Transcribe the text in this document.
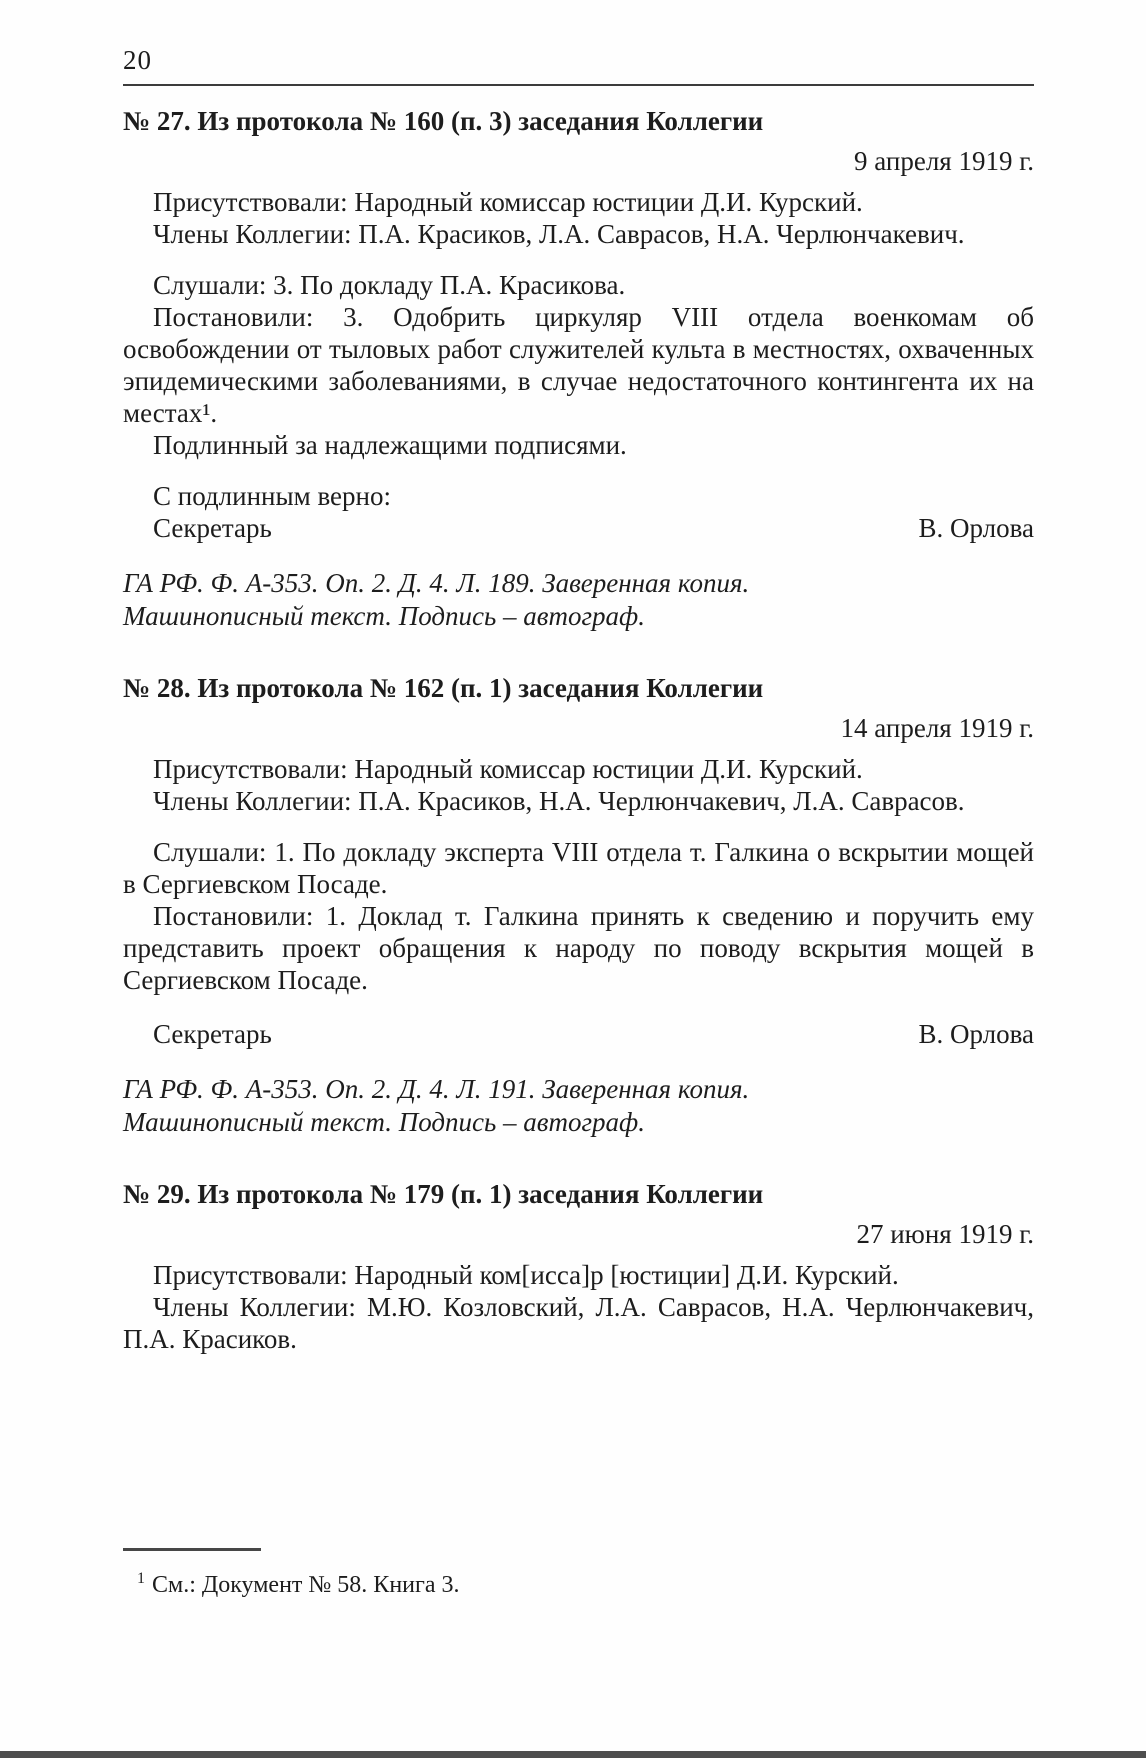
20
№ 27. Из протокола № 160 (п. 3) заседания Коллегии
9 апреля 1919 г.

Присутствовали: Народный комиссар юстиции Д.И. Курский.

Члены Коллегии: П.А. Красиков, Л.А. Саврасов, Н.А. Черлюнчакевич.

Слушали: 3. По докладу П.А. Красикова.

Постановили: 3. Одобрить циркуляр VIII отдела военкомам об освобождении от тыловых работ служителей культа в местностях, охваченных эпидемическими заболеваниями, в случае недостаточного контингента их на местах¹.

Подлинный за надлежащими подписями.

С подлинным верно:

Секретарь	В. Орлова
ГА РФ. Ф. А-353. Оп. 2. Д. 4. Л. 189. Заверенная копия.
Машинописный текст. Подпись – автограф.
№ 28. Из протокола № 162 (п. 1) заседания Коллегии
14 апреля 1919 г.

Присутствовали: Народный комиссар юстиции Д.И. Курский.

Члены Коллегии: П.А. Красиков, Н.А. Черлюнчакевич, Л.А. Саврасов.

Слушали: 1. По докладу эксперта VIII отдела т. Галкина о вскрытии мощей в Сергиевском Посаде.

Постановили: 1. Доклад т. Галкина принять к сведению и поручить ему представить проект обращения к народу по поводу вскрытия мощей в Сергиевском Посаде.

Секретарь	В. Орлова
ГА РФ. Ф. А-353. Оп. 2. Д. 4. Л. 191. Заверенная копия.
Машинописный текст. Подпись – автограф.
№ 29. Из протокола № 179 (п. 1) заседания Коллегии
27 июня 1919 г.

Присутствовали: Народный ком[исса]р [юстиции] Д.И. Курский.

Члены Коллегии: М.Ю. Козловский, Л.А. Саврасов, Н.А. Черлюнчакевич, П.А. Красиков.

$^1$ См.: Документ № 58. Книга 3.
